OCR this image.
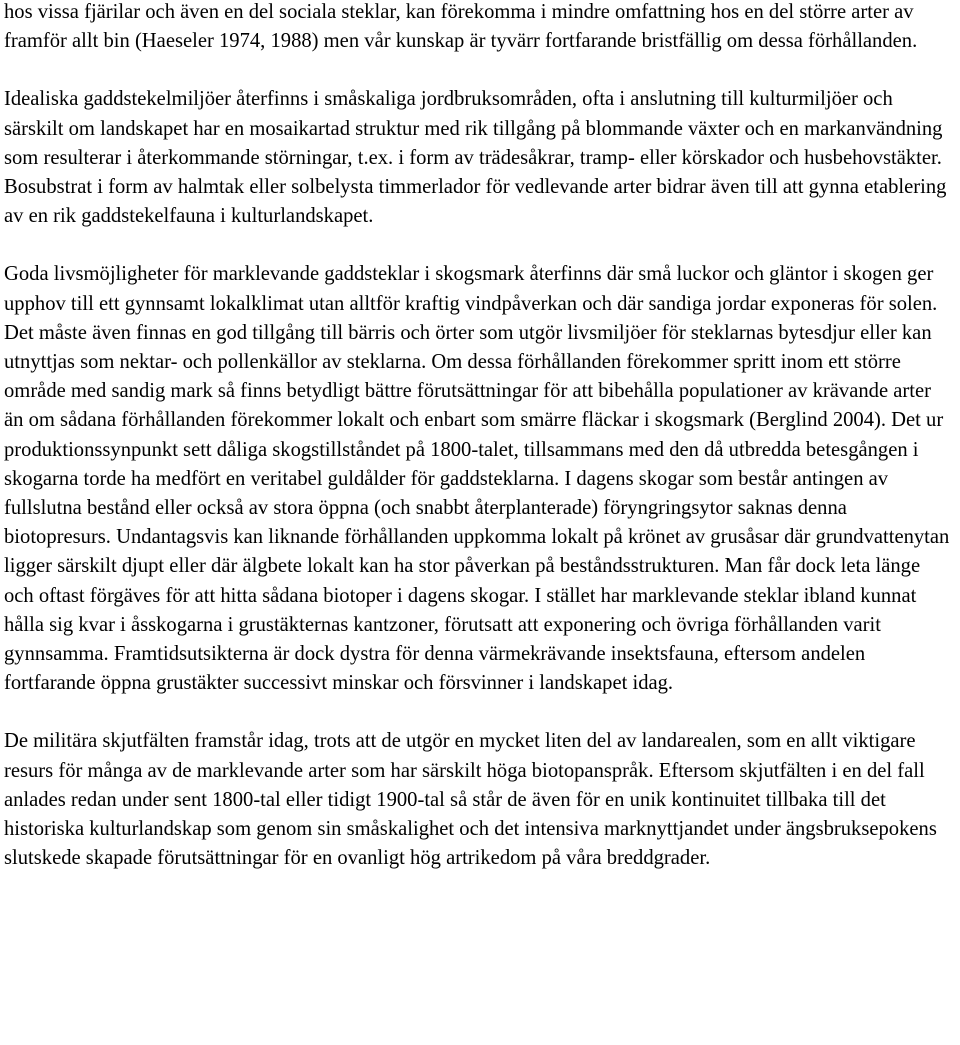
hos vissa fjärilar och även en del sociala steklar, kan förekomma i mindre omfattning hos en del större arter av framför allt bin (Haeseler 1974, 1988) men vår kunskap är tyvärr fortfarande bristfällig om dessa förhållanden.

Idealiska gaddstekelmiljöer återfinns i småskaliga jordbruksområden, ofta i anslutning till kulturmiljöer och särskilt om landskapet har en mosaikartad struktur med rik tillgång på blommande växter och en markanvändning som resulterar i återkommande störningar, t.ex. i form av trädesåkrar, tramp- eller körskador och husbehovstäkter. Bosubstrat i form av halmtak eller solbelysta timmerlador för vedlevande arter bidrar även till att gynna etablering av en rik gaddstekelfauna i kulturlandskapet.

Goda livsmöjligheter för marklevande gaddsteklar i skogsmark återfinns där små luckor och gläntor i skogen ger upphov till ett gynnsamt lokalklimat utan alltför kraftig vindpåverkan och där sandiga jordar exponeras för solen. Det måste även finnas en god tillgång till bärris och örter som utgör livsmiljöer för steklarnas bytesdjur eller kan utnyttjas som nektar- och pollenkällor av steklarna. Om dessa förhållanden förekommer spritt inom ett större område med sandig mark så finns betydligt bättre förutsättningar för att bibehålla populationer av krävande arter än om sådana förhållanden förekommer lokalt och enbart som smärre fläckar i skogsmark (Berglind 2004). Det ur produktionssynpunkt sett dåliga skogstillståndet på 1800-talet, tillsammans med den då utbredda betesgången i skogarna torde ha medfört en veritabel guldålder för gaddsteklarna. I dagens skogar som består antingen av fullslutna bestånd eller också av stora öppna (och snabbt återplanterade) föryngringsytor saknas denna biotopresurs. Undantagsvis kan liknande förhållanden uppkomma lokalt på krönet av grusåsar där grundvattenytan ligger särskilt djupt eller där älgbete lokalt kan ha stor påverkan på beståndsstrukturen. Man får dock leta länge och oftast förgäves för att hitta sådana biotoper i dagens skogar. I stället har marklevande steklar ibland kunnat hålla sig kvar i åsskogarna i grustäkternas kantzoner, förutsatt att exponering och övriga förhållanden varit gynnsamma. Framtidsutsikterna är dock dystra för denna värmekrävande insektsfauna, eftersom andelen fortfarande öppna grustäkter successivt minskar och försvinner i landskapet idag.

De militära skjutfälten framstår idag, trots att de utgör en mycket liten del av landarealen, som en allt viktigare resurs för många av de marklevande arter som har särskilt höga biotopanspråk. Eftersom skjutfälten i en del fall anlades redan under sent 1800-tal eller tidigt 1900-tal så står de även för en unik kontinuitet tillbaka till det historiska kulturlandskap som genom sin småskalighet och det intensiva marknyttjandet under ängsbruksepokens slutskede skapade förutsättningar för en ovanligt hög artrikedom på våra breddgrader.
